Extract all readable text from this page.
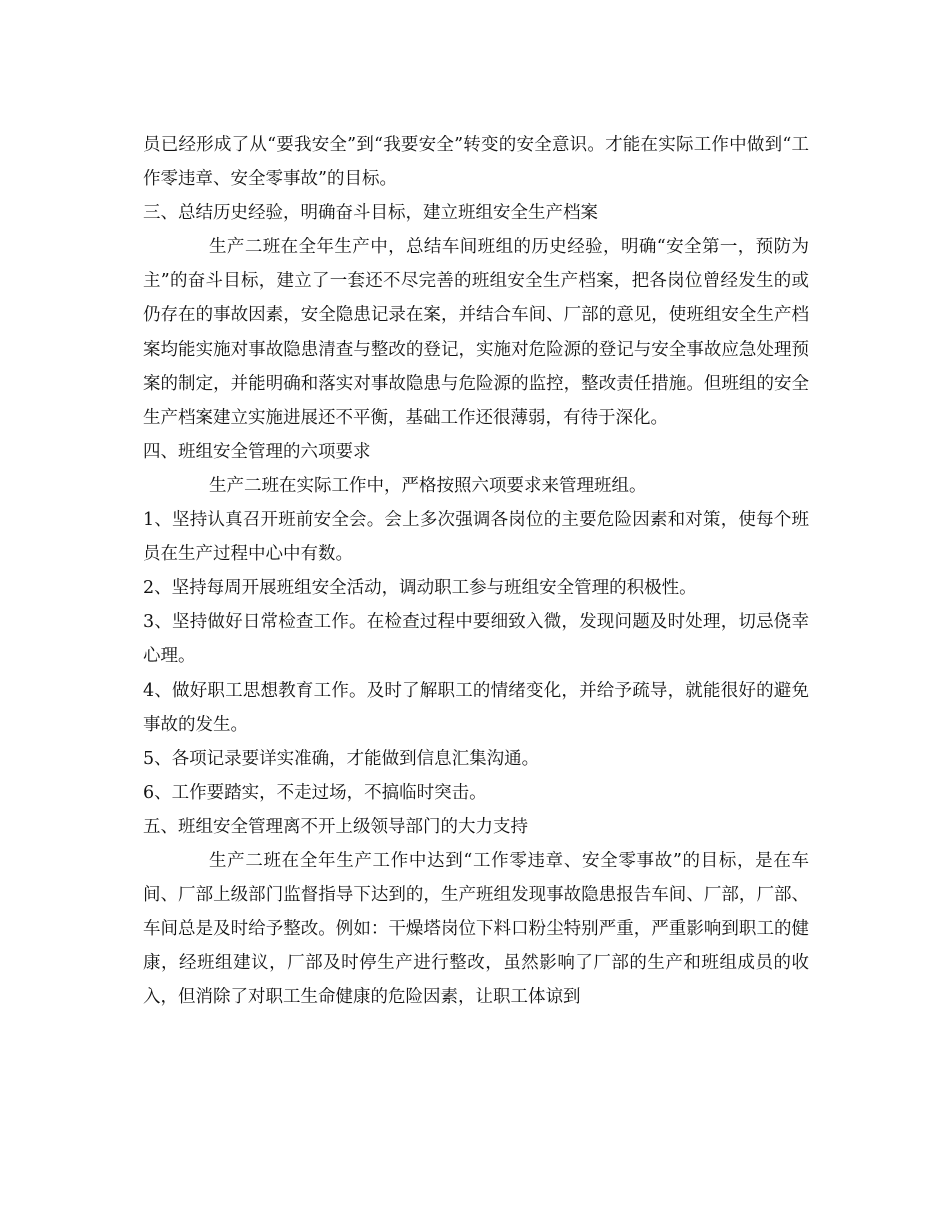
员已经形成了从“要我安全”到“我要安全”转变的安全意识。才能在实际工作中做到“工作零违章、安全零事故”的目标。

三、总结历史经验，明确奋斗目标，建立班组安全生产档案

生产二班在全年生产中，总结车间班组的历史经验，明确“安全第一，预防为主”的奋斗目标，建立了一套还不尽完善的班组安全生产档案，把各岗位曾经发生的或仍存在的事故因素，安全隐患记录在案，并结合车间、厂部的意见，使班组安全生产档案均能实施对事故隐患清查与整改的登记，实施对危险源的登记与安全事故应急处理预案的制定，并能明确和落实对事故隐患与危险源的监控，整改责任措施。但班组的安全生产档案建立实施进展还不平衡，基础工作还很薄弱，有待于深化。

四、班组安全管理的六项要求

生产二班在实际工作中，严格按照六项要求来管理班组。

1、坚持认真召开班前安全会。会上多次强调各岗位的主要危险因素和对策，使每个班员在生产过程中心中有数。

2、坚持每周开展班组安全活动，调动职工参与班组安全管理的积极性。

3、坚持做好日常检查工作。在检查过程中要细致入微，发现问题及时处理，切忌侥幸心理。

4、做好职工思想教育工作。及时了解职工的情绪变化，并给予疏导，就能很好的避免事故的发生。

5、各项记录要详实准确，才能做到信息汇集沟通。

6、工作要踏实，不走过场，不搞临时突击。

五、班组安全管理离不开上级领导部门的大力支持

生产二班在全年生产工作中达到“工作零违章、安全零事故”的目标，是在车间、厂部上级部门监督指导下达到的，生产班组发现事故隐患报告车间、厂部，厂部、车间总是及时给予整改。例如：干燥塔岗位下料口粉尘特别严重，严重影响到职工的健康，经班组建议，厂部及时停生产进行整改，虽然影响了厂部的生产和班组成员的收入，但消除了对职工生命健康的危险因素，让职工体谅到
